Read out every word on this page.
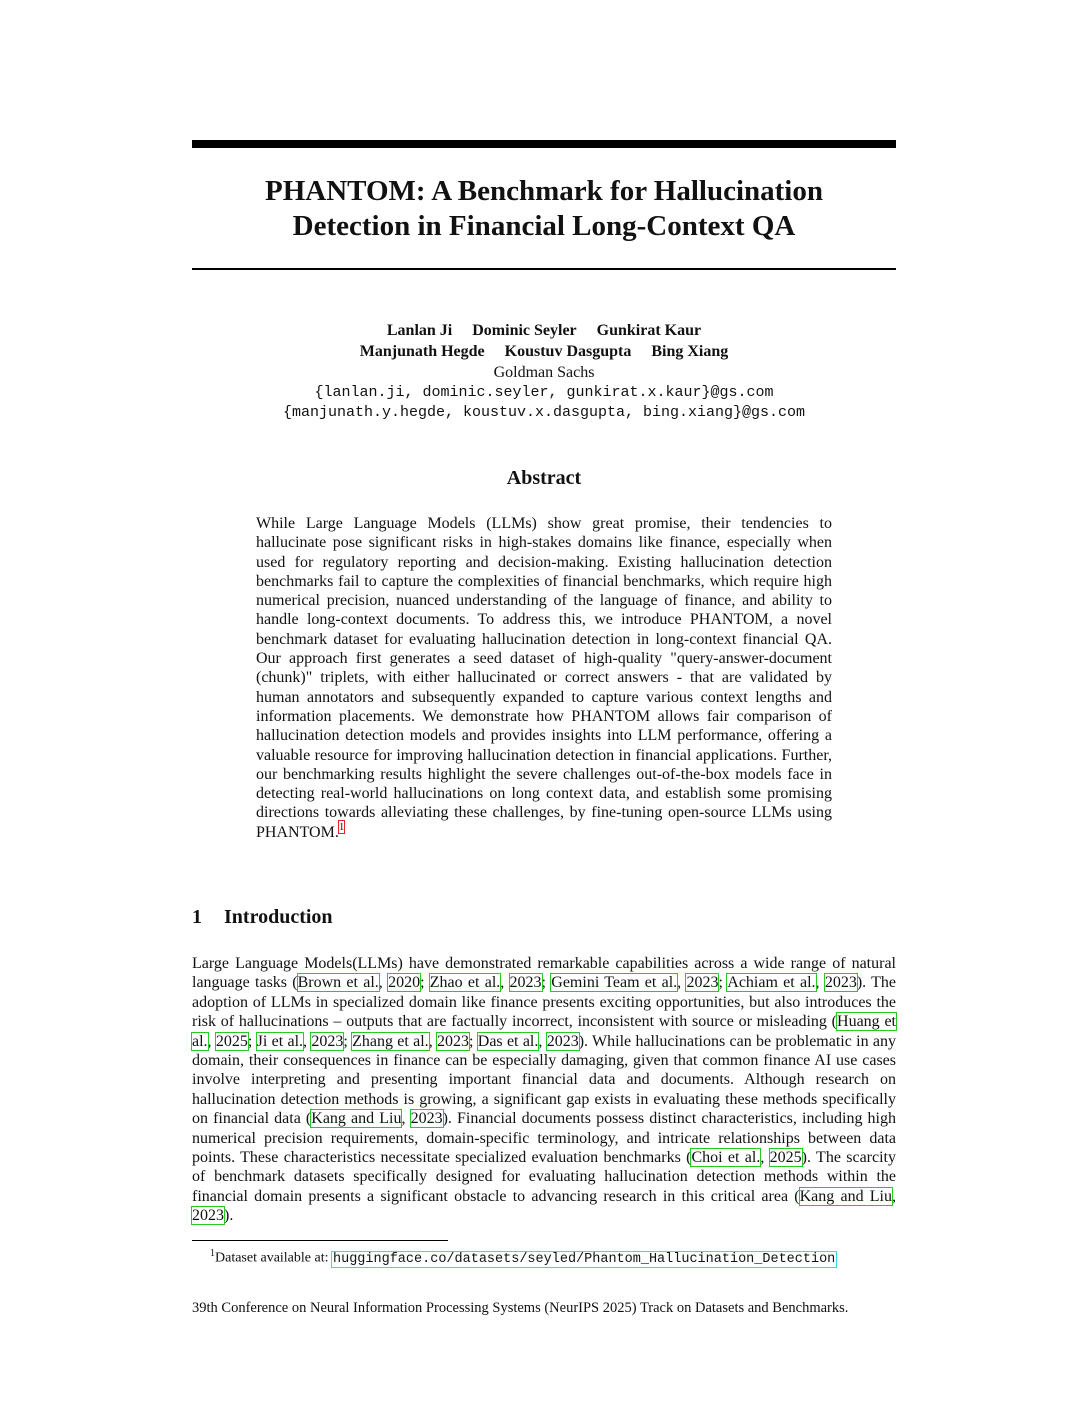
PHANTOM: A Benchmark for Hallucination
Detection in Financial Long-Context QA
Lanlan Ji Dominic Seyler Gunkirat Kaur
Manjunath Hegde Koustuv Dasgupta Bing Xiang
Goldman Sachs
{lanlan.ji, dominic.seyler, gunkirat.x.kaur}@gs.com
{manjunath.y.hegde, koustuv.x.dasgupta, bing.xiang}@gs.com
Abstract

While Large Language Models (LLMs) show great promise, their tendencies to hallucinate pose significant risks in high-stakes domains like finance, especially when used for regulatory reporting and decision-making. Existing hallucination detection benchmarks fail to capture the complexities of financial benchmarks, which require high numerical precision, nuanced understanding of the language of finance, and ability to handle long-context documents. To address this, we introduce PHANTOM, a novel benchmark dataset for evaluating hallucination detection in long-context financial QA. Our approach first generates a seed dataset of high-quality "query-answer-document (chunk)" triplets, with either hallucinated or correct answers - that are validated by human annotators and subsequently expanded to capture various context lengths and information placements. We demonstrate how PHANTOM allows fair comparison of hallucination detection models and provides insights into LLM performance, offering a valuable resource for improving hallucination detection in financial applications. Further, our benchmarking results highlight the severe challenges out-of-the-box models face in detecting real-world hallucinations on long context data, and establish some promising directions towards alleviating these challenges, by fine-tuning open-source LLMs using PHANTOM.$^1$

1 Introduction

Large Language Models(LLMs) have demonstrated remarkable capabilities across a wide range of natural language tasks (Brown et al., 2020; Zhao et al., 2023; Gemini Team et al., 2023; Achiam et al., 2023). The adoption of LLMs in specialized domain like finance presents exciting opportunities, but also introduces the risk of hallucinations – outputs that are factually incorrect, inconsistent with source or misleading (Huang et al., 2025; Ji et al., 2023; Zhang et al., 2023; Das et al., 2023). While hallucinations can be problematic in any domain, their consequences in finance can be especially damaging, given that common finance AI use cases involve interpreting and presenting important financial data and documents. Although research on hallucination detection methods is growing, a significant gap exists in evaluating these methods specifically on financial data (Kang and Liu, 2023). Financial documents possess distinct characteristics, including high numerical precision requirements, domain-specific terminology, and intricate relationships between data points. These characteristics necessitate specialized evaluation benchmarks (Choi et al., 2025). The scarcity of benchmark datasets specifically designed for evaluating hallucination detection methods within the financial domain presents a significant obstacle to advancing research in this critical area (Kang and Liu, 2023).

$^1$Dataset available at: huggingface.co/datasets/seyled/Phantom_Hallucination_Detection
39th Conference on Neural Information Processing Systems (NeurIPS 2025) Track on Datasets and Benchmarks.
